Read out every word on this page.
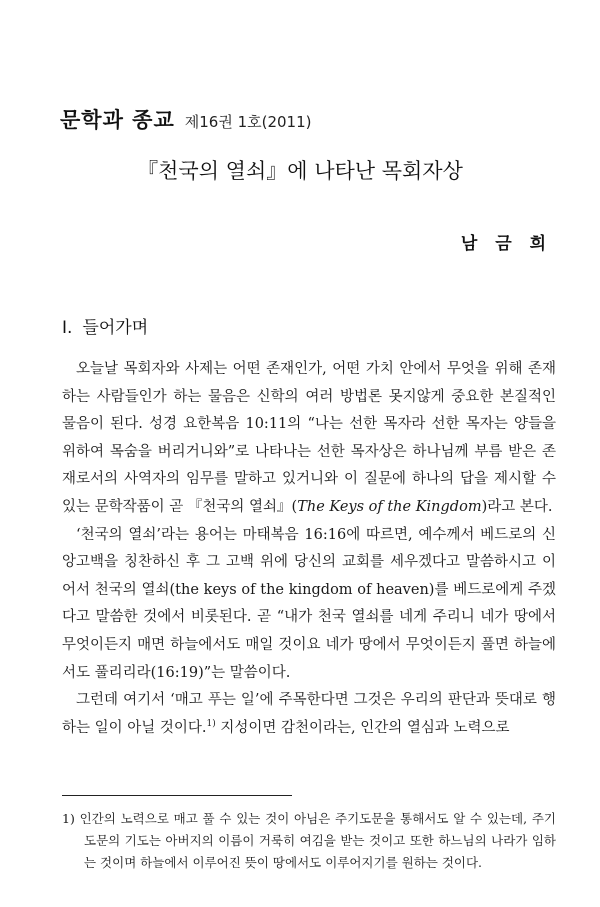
문학과 종교 제16권 1호(2011)
『천국의 열쇠』에 나타난 목회자상
남 금 희
Ⅰ. 들어가며

오늘날 목회자와 사제는 어떤 존재인가, 어떤 가치 안에서 무엇을 위해 존재하는 사람들인가 하는 물음은 신학의 여러 방법론 못지않게 중요한 본질적인 물음이 된다. 성경 요한복음 10:11의 “나는 선한 목자라 선한 목자는 양들을 위하여 목숨을 버리거니와”로 나타나는 선한 목자상은 하나님께 부름 받은 존재로서의 사역자의 임무를 말하고 있거니와 이 질문에 하나의 답을 제시할 수 있는 문학작품이 곧 『천국의 열쇠』(The Keys of the Kingdom)라고 본다.

‘천국의 열쇠’라는 용어는 마태복음 16:16에 따르면, 예수께서 베드로의 신앙고백을 칭찬하신 후 그 고백 위에 당신의 교회를 세우겠다고 말씀하시고 이어서 천국의 열쇠(the keys of the kingdom of heaven)를 베드로에게 주겠다고 말씀한 것에서 비롯된다. 곧 “내가 천국 열쇠를 네게 주리니 네가 땅에서 무엇이든지 매면 하늘에서도 매일 것이요 네가 땅에서 무엇이든지 풀면 하늘에서도 풀리리라(16:19)”는 말씀이다.

그런데 여기서 ‘매고 푸는 일’에 주목한다면 그것은 우리의 판단과 뜻대로 행하는 일이 아닐 것이다.$^{1)}$ 지성이면 감천이라는, 인간의 열심과 노력으로

1) 인간의 노력으로 매고 풀 수 있는 것이 아님은 주기도문을 통해서도 알 수 있는데, 주기도문의 기도는 아버지의 이름이 거룩히 여김을 받는 것이고 또한 하느님의 나라가 임하는 것이며 하늘에서 이루어진 뜻이 땅에서도 이루어지기를 원하는 것이다.
